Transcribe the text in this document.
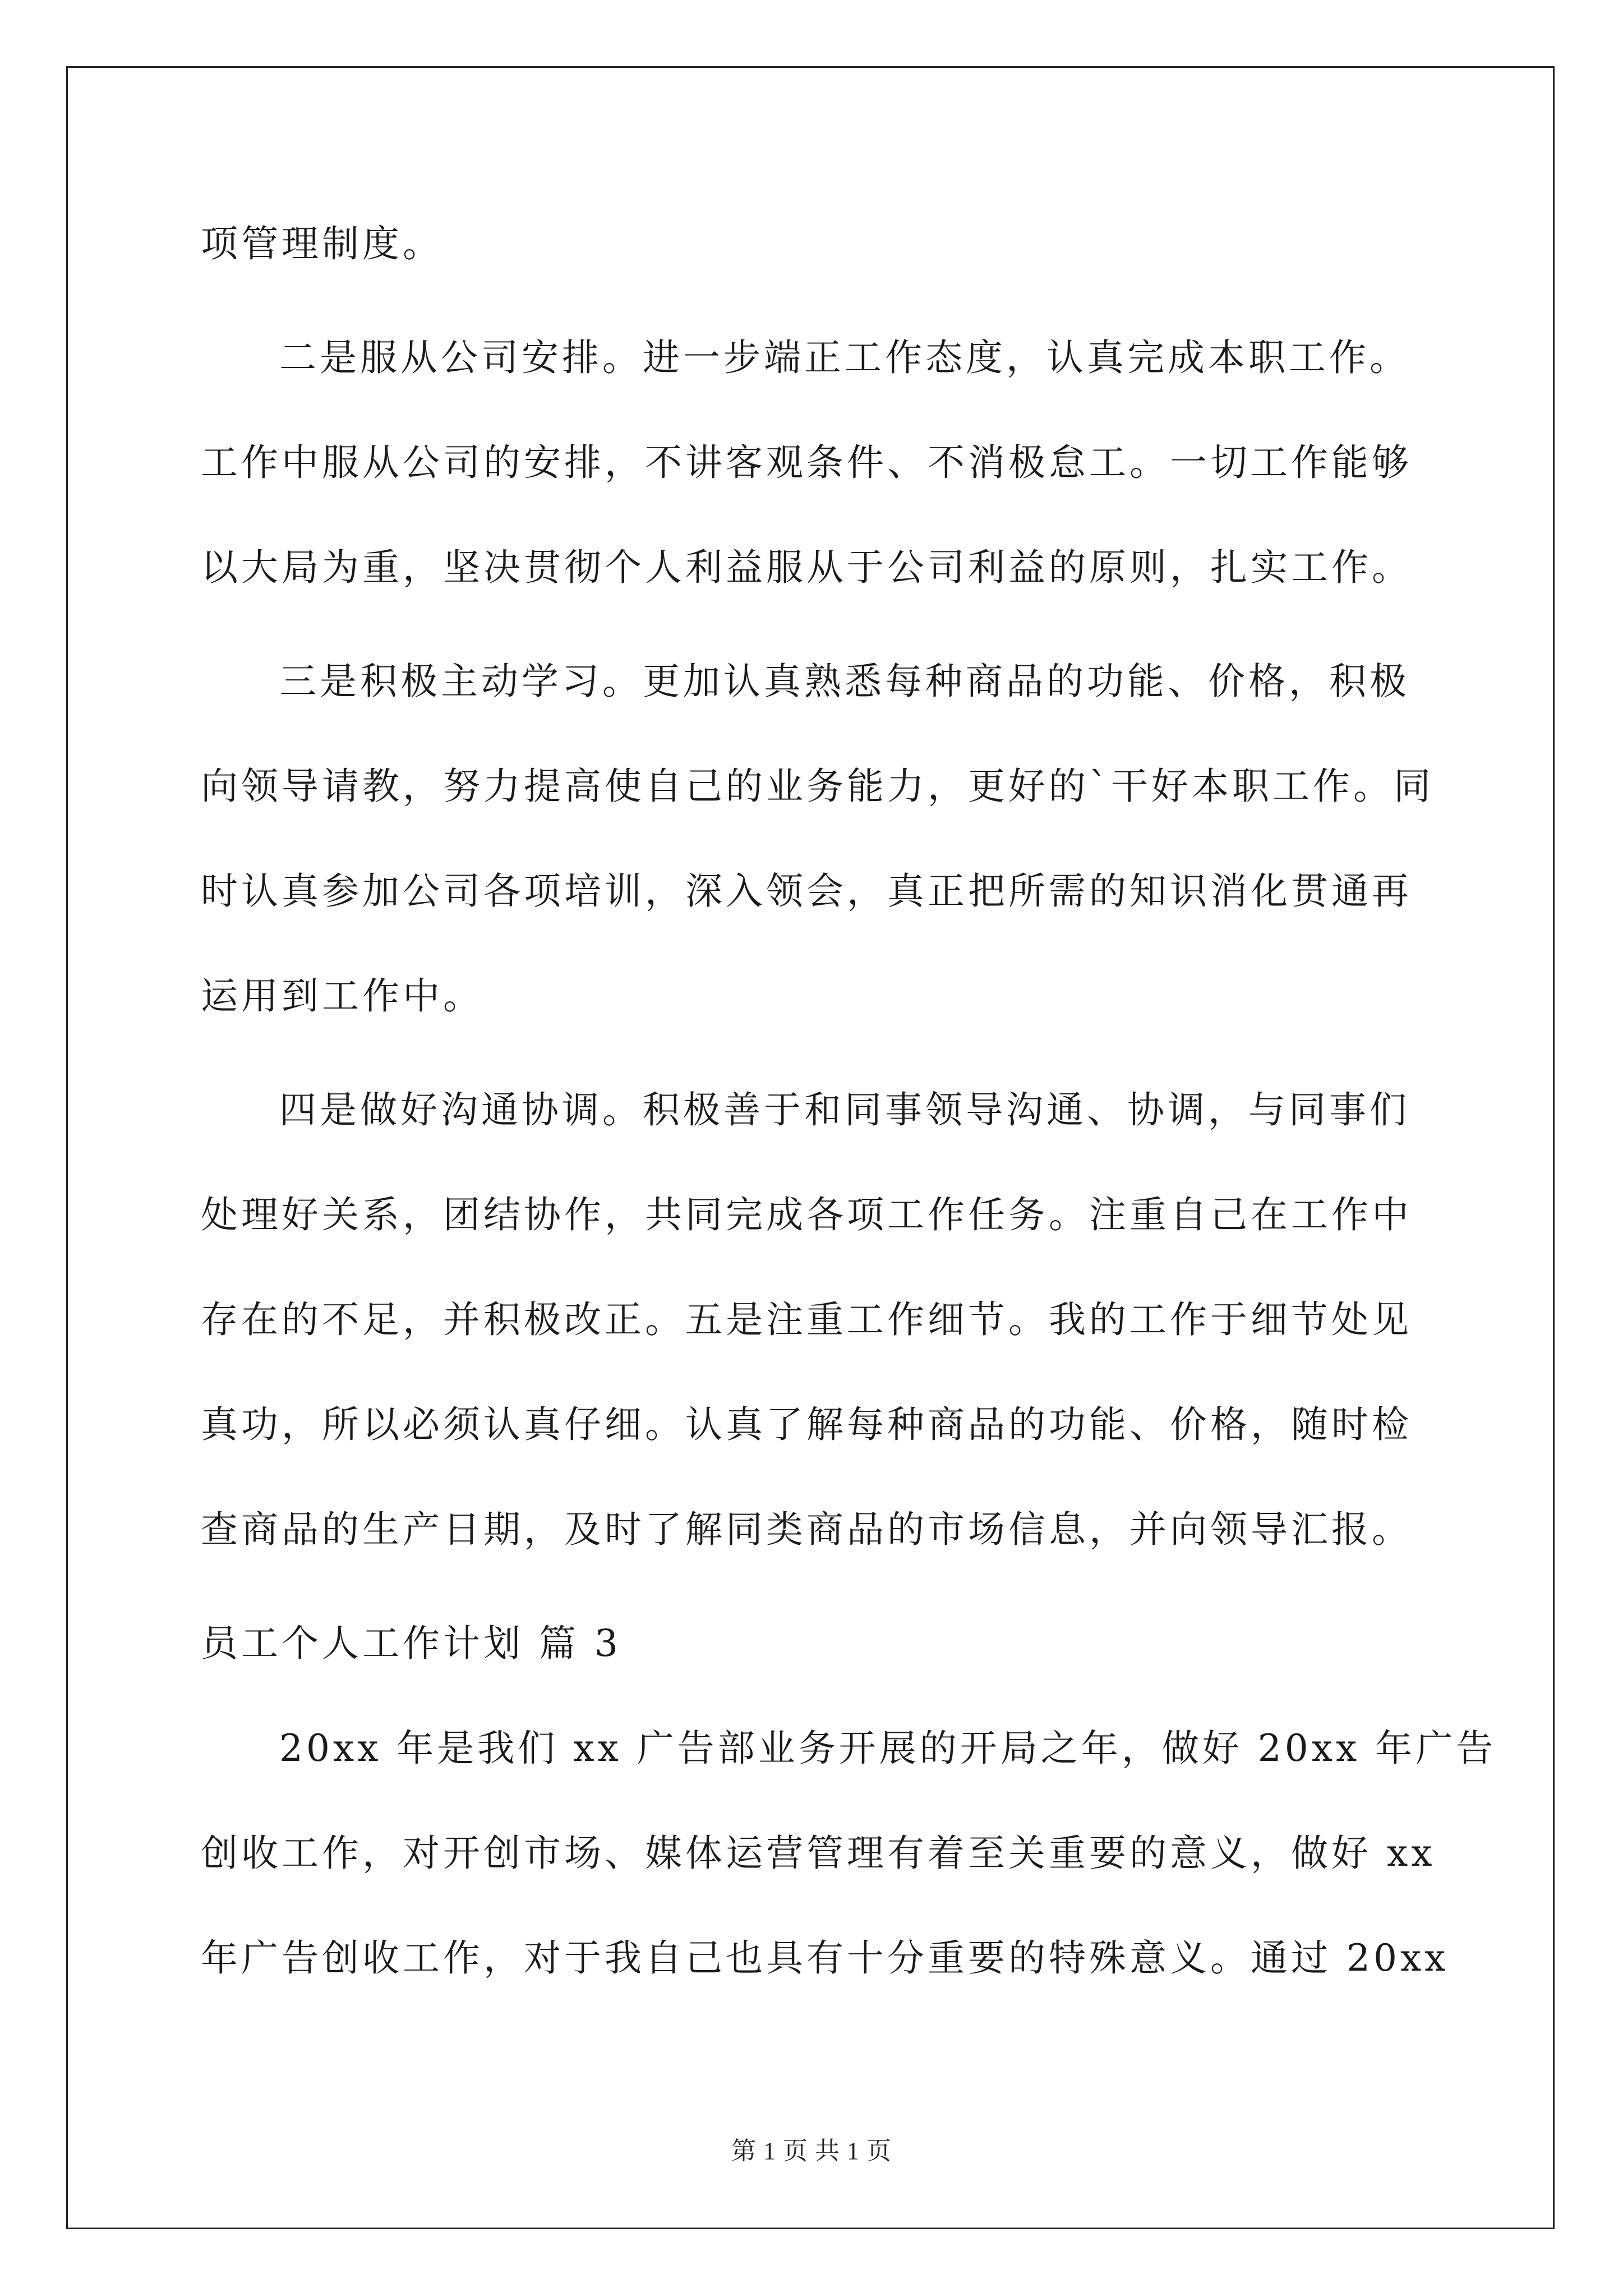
项管理制度。
二是服从公司安排。进一步端正工作态度，认真完成本职工作。
工作中服从公司的安排，不讲客观条件、不消极怠工。一切工作能够
以大局为重，坚决贯彻个人利益服从于公司利益的原则，扎实工作。
三是积极主动学习。更加认真熟悉每种商品的功能、价格，积极
向领导请教，努力提高使自己的业务能力，更好的`干好本职工作。同
时认真参加公司各项培训，深入领会，真正把所需的知识消化贯通再
运用到工作中。
四是做好沟通协调。积极善于和同事领导沟通、协调，与同事们
处理好关系，团结协作，共同完成各项工作任务。注重自己在工作中
存在的不足，并积极改正。五是注重工作细节。我的工作于细节处见
真功，所以必须认真仔细。认真了解每种商品的功能、价格，随时检
查商品的生产日期，及时了解同类商品的市场信息，并向领导汇报。
员工个人工作计划 篇 3
20xx 年是我们 xx 广告部业务开展的开局之年，做好 20xx 年广告
创收工作，对开创市场、媒体运营管理有着至关重要的意义，做好 xx
年广告创收工作，对于我自己也具有十分重要的特殊意义。通过 20xx
第 1 页 共 1 页
